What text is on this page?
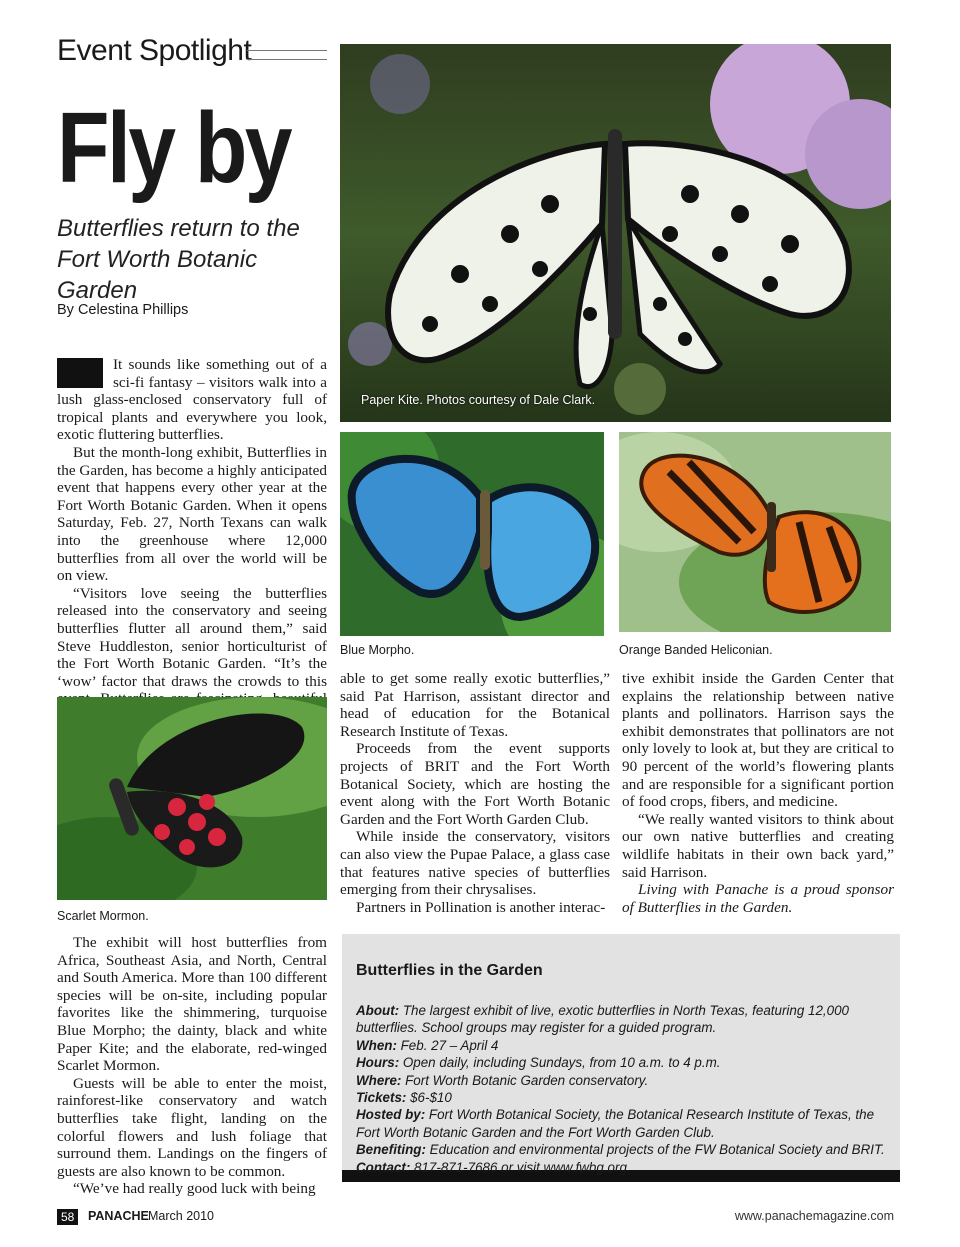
Event Spotlight
Fly by
Butterflies return to the Fort Worth Botanic Garden
By Celestina Phillips

It sounds like something out of a sci-fi fantasy – visitors walk into a lush glass-enclosed conservatory full of tropical plants and everywhere you look, exotic fluttering butterflies.

But the month-long exhibit, Butterflies in the Garden, has become a highly anticipated event that happens every other year at the Fort Worth Botanic Garden. When it opens Saturday, Feb. 27, North Texans can walk into the greenhouse where 12,000 butterflies from all over the world will be on view.

“Visitors love seeing the butterflies released into the conservatory and seeing butterflies flutter all around them,” said Steve Huddleston, senior horticulturist of the Fort Worth Botanic Garden. “It’s the ‘wow’ factor that draws the crowds to this

Paper Kite. Photos courtesy of Dale Clark.
Blue Morpho.	Orange Banded Heliconian.
Scarlet Mormon.

The exhibit will host butterflies from Africa, Southeast Asia, and North, Central and South America. More than 100 different species will be on-site, including popular favorites like the shimmering, turquoise Blue Morpho; the dainty, black and white Paper Kite; and the elaborate, red-winged Scarlet Mormon.

Guests will be able to enter the moist, rainforest-like conservatory and watch butterflies take flight, landing on the colorful flowers and lush foliage that surround them. Landings on the fingers of guests are also known to be common.

“We’ve had really good luck with being

able to get some really exotic butterflies,” said Pat Harrison, assistant director and head of education for the Botanical Research Institute of Texas.

Proceeds from the event supports projects of BRIT and the Fort Worth Botanical Society, which are hosting the event along with the Fort Worth Botanic Garden and the Fort Worth Garden Club.

While inside the conservatory, visitors can also view the Pupae Palace, a glass case that features native species of butterflies emerging from their chrysalises.

Partners in Pollination is another interac-

tive exhibit inside the Garden Center that explains the relationship between native plants and pollinators. Harrison says the exhibit demonstrates that pollinators are not only lovely to look at, but they are critical to 90 percent of the world’s flowering plants and are responsible for a significant portion of food crops, fibers, and medicine.

“We really wanted visitors to think about our own native butterflies and creating wildlife habitats in their own back yard,” said Harrison.

Living with Panache is a proud sponsor of Butterflies in the Garden.

Butterflies in the Garden
About: The largest exhibit of live, exotic butterflies in North Texas, featuring 12,000 butterflies. School groups may register for a guided program.
When: Feb. 27 – April 4
Hours: Open daily, including Sundays, from 10 a.m. to 4 p.m.
Where: Fort Worth Botanic Garden conservatory.
Tickets: $6-$10
Hosted by: Fort Worth Botanical Society, the Botanical Research Institute of Texas, the Fort Worth Botanic Garden and the Fort Worth Garden Club.
Benefiting: Education and environmental projects of the FW Botanical Society and BRIT.
Contact: 817-871-7686 or visit www.fwbg.org.
58	PANACHE March 2010	www.panachemagazine.com
